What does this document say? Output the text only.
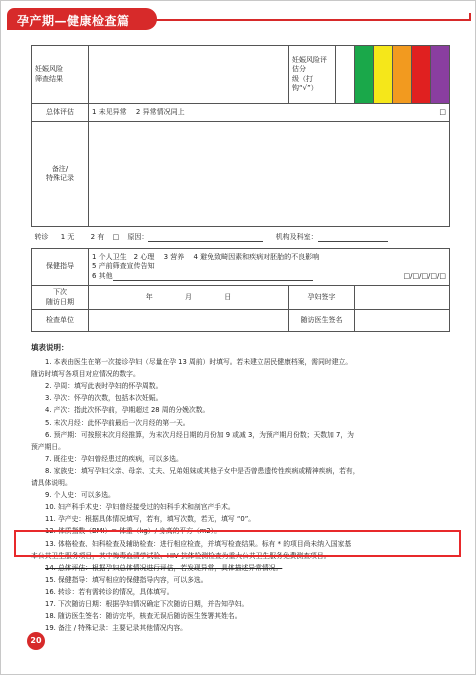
孕产期—健康检查篇
妊娠风险
筛查结果		妊娠风险评估分
级（打钩“√”）						
总体评估	1 未见异常　 2 异常情况同上 □							

备注/
特殊记录								
转诊 1 无 2 有 □ 原因： 机构及科室：								
保健指导	1 个人卫生　2 心理　 3 营养　 4 避免致畸因素和疾病对胚胎的不良影响
5 产前筛查宣传告知
6 其他 □/□/□/□/□							

下次
随访日期	年 月 日	孕妇签字						
检查单位		随访医生签名						
填表说明：
1. 本表由医生在第一次接诊孕妇（尽量在孕 13 周前）时填写。若未建立居民健康档案，需同时建立。
随访时填写各项目对应情况的数字。
2. 孕周：填写此表时孕妇的怀孕周数。
3. 孕次：怀孕的次数，包括本次妊娠。
4. 产次：指此次怀孕前，孕期超过 28 周的分娩次数。
5. 末次月经：此怀孕前最后一次月经的第一天。
6. 预产期：可按照末次月经推算，为末次月经日期的月份加 9 或减 3，为预产期月份数；天数加 7，为
预产期日。
7. 既往史：孕妇曾经患过的疾病，可以多选。
8. 家族史：填写孕妇父亲、母亲、丈夫、兄弟姐妹或其他子女中是否曾患遗传性疾病或精神疾病，若有，
请具体说明。
9. 个人史：可以多选。
10. 妇产科手术史：孕妇曾经接受过的妇科手术和剖宫产手术。
11. 孕产史：根据具体情况填写，若有，填写次数，若无，填写 “0”。
12. 体质指数（BMI）= 体重（kg）/ 身高的平方（m2）。
13. 体格检查、妇科检查及辅助检查：进行相应检查，并填写检查结果。标有 * 的项目尚未纳入国家基
本公共卫生服务项目，其中梅毒血清学试验、HIV 抗体检测检查为重大公共卫生服务免费测查项目。
14. 总体评估：根据孕妇总体情况进行评估，若发现异常，具体描述异常情况。
15. 保健指导：填写相应的保健指导内容，可以多选。
16. 转诊：若有需转诊的情况，具体填写。
17. 下次随访日期：根据孕妇情况确定下次随访日期，并告知孕妇。
18. 随访医生签名：随访完毕，核查无误后随访医生签署其姓名。
19. 备注 / 特殊记录：主要记录其他情况内容。
20
